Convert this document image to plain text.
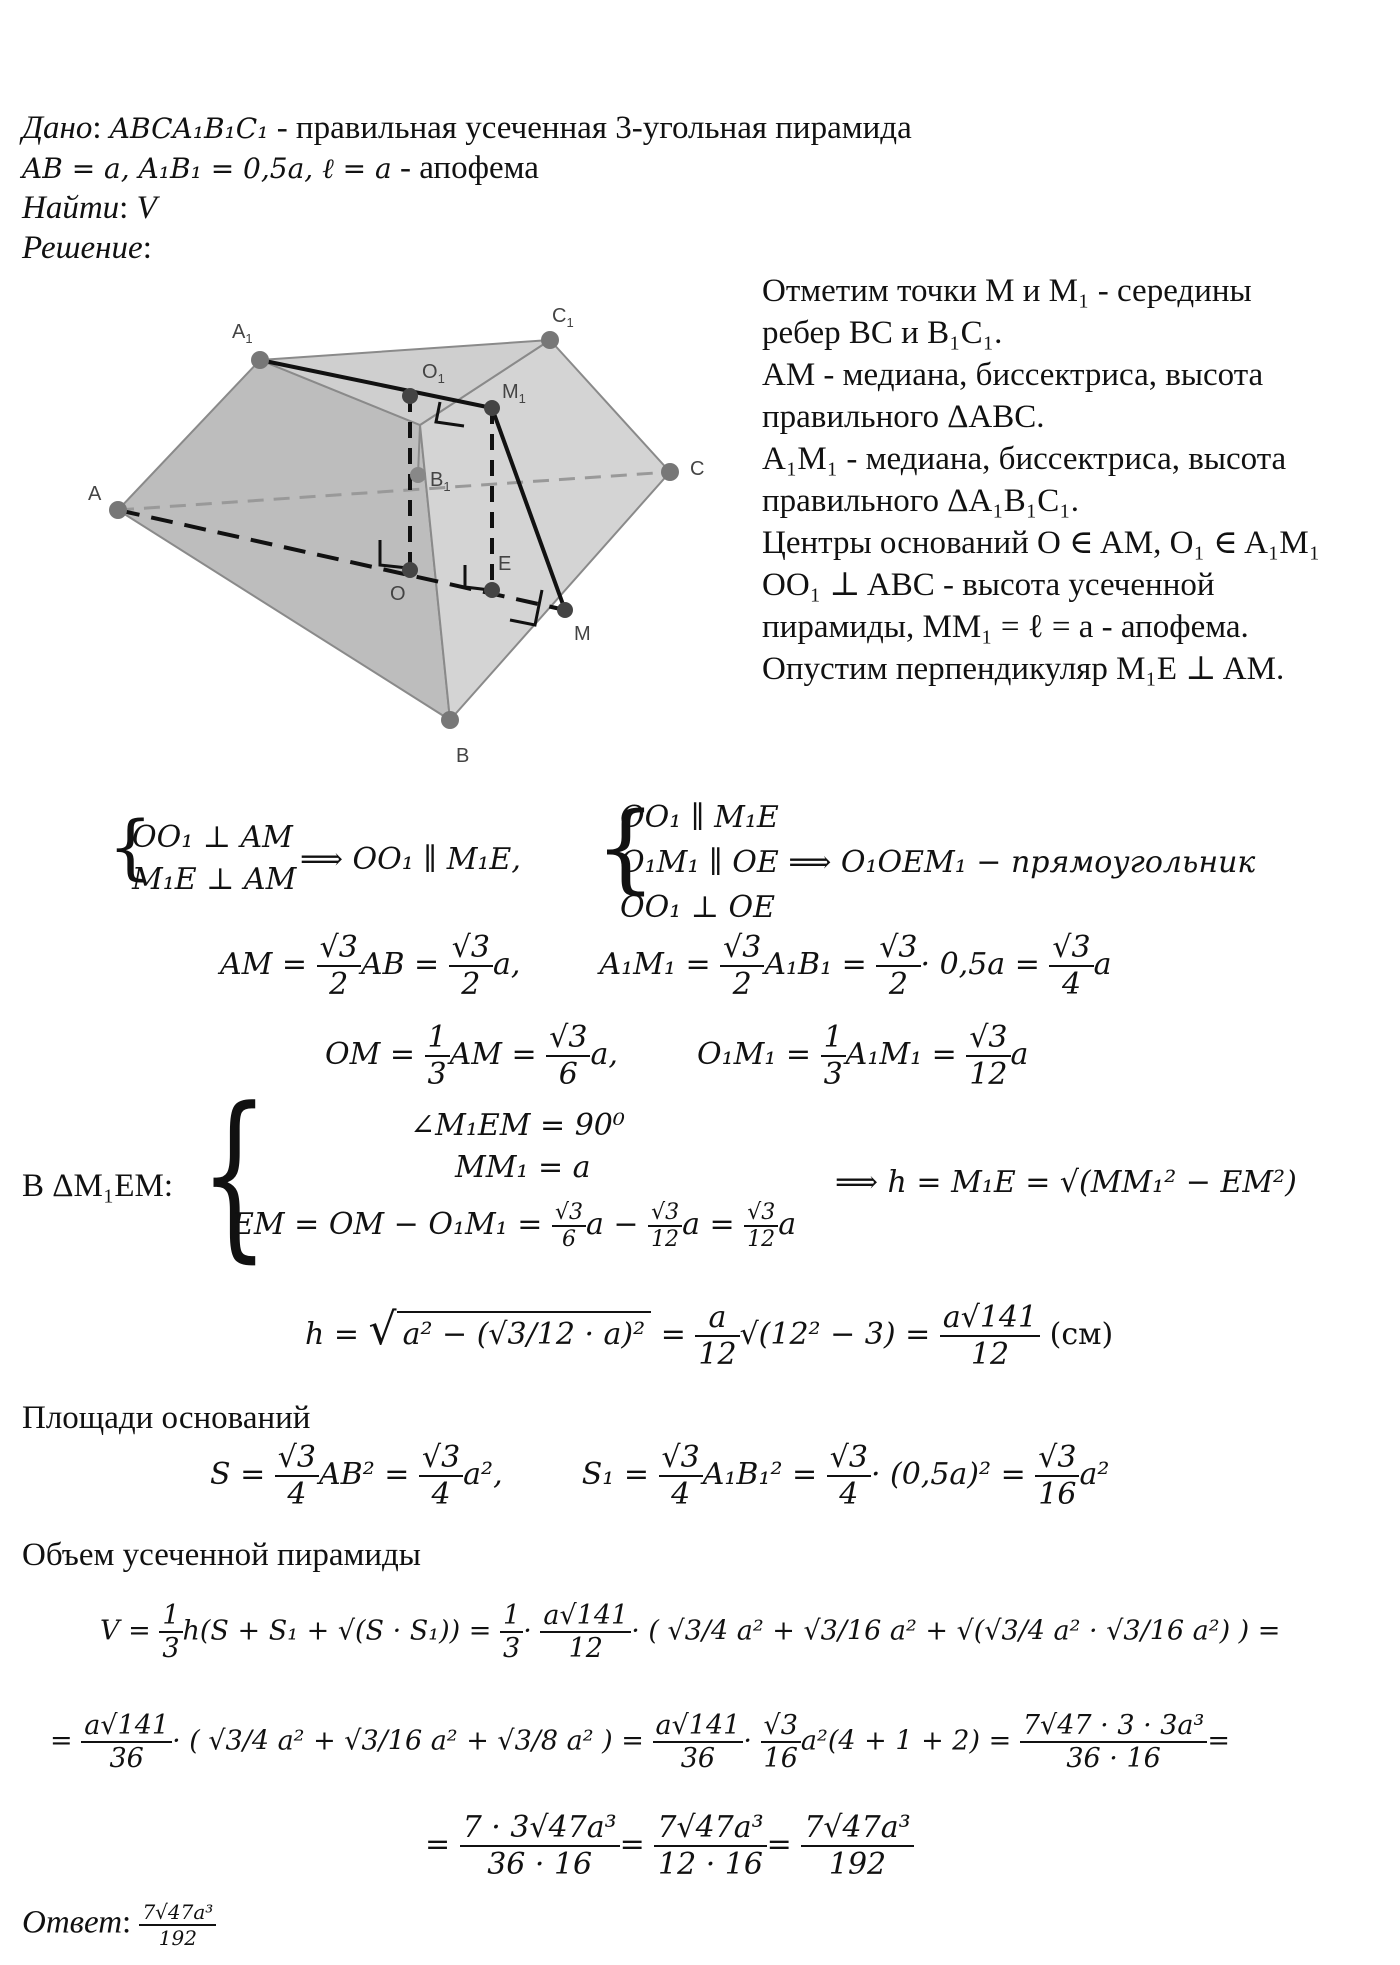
Дано: ABCA₁B₁C₁ - правильная усеченная 3-угольная пирамида
AB = a, A₁B₁ = 0,5a, ℓ = a - апофема
Найти: V
Решение:
A
B
C
$A_1$
$C_1$
$B_1$
$O_1$
$M_1$
O
E
M
Отметим точки M и M₁ - середины
ребер BC и B₁C₁.
AM - медиана, биссектриса, высота
правильного ΔABC.
A₁M₁ - медиана, биссектриса, высота
правильного ΔA₁B₁C₁.
Центры оснований O ∈ AM, O₁ ∈ A₁M₁
OO₁ ⊥ ABC - высота усеченной
пирамиды, MM₁ = ℓ = a - апофема.
Опустим перпендикуляр M₁E ⊥ AM.
{
OO₁ ⊥ AM
M₁E ⊥ AM
⟹ OO₁ ∥ M₁E, {
OO₁ ∥ M₁E
O₁M₁ ∥ OE ⟹ O₁OEM₁ − прямоугольник
OO₁ ⊥ OE
AM = $\frac{√3}{2}$ AB = $\frac{√3}{2} a$,	$A_1M_1 = \frac{√3}{2} A_1B_1 = \frac{√3}{2} \cdot 0,5a = \frac{√3}{4}$ a
OM = $\frac{1}{3}$ AM = $\frac{√3}{6} a$,	$O_1M_1 = \frac{1}{3} A_1M_1 = \frac{√3}{12}$ a
В ΔM₁EM: {	∠M₁EM = 90⁰
MM₁ = a
EM = OM − $O_1M_1 = \frac{√3}{6}$ $a - \frac{√3}{12}$ $a = \frac{√3}{12}$ a
⟹ h = M₁E = √(MM₁² − EM²)
h = √ $a^2 - (√3/12 \cdot a)^2 = \frac{a}{12} √(12^2 - 3) = \frac{a√141}{12} (см)$
Площади оснований
$S = \frac{√3}{4} AB^2 = \frac{√3}{4} a^2$,	$S_1 = \frac{√3}{4} A_1B_1^2 = \frac{√3}{4} \cdot (0,5a)^2 = \frac{√3}{16} a^2$
Объем усеченной пирамиды
$V = \frac{1}{3} h(S + S_1 + √(S \cdot S_1)) = \frac{1}{3} \cdot \frac{a√141}{12}$ · ( √3/4 a² + √3/16 a² + √(√3/4 a² · √3/16 a²) ) =
= $\frac{a√141}{36}$ · ( √3/4 a² + √3/16 a² + √3/8 a² ) = $\frac{a√141}{36} \cdot \frac{√3}{16} a^2(4 + 1 + 2) = \frac{\text{7√47 · 3 · 3a³}}{36 \cdot 16}$ =
= $\frac{\text{7 · 3√47a³}}{36 \cdot 16} = \frac{\text{7√47a³}}{12 \cdot 16} = \frac{\text{7√47a³}}{192}$
Ответ: $\frac{\text{7√47a³}}{192}$
